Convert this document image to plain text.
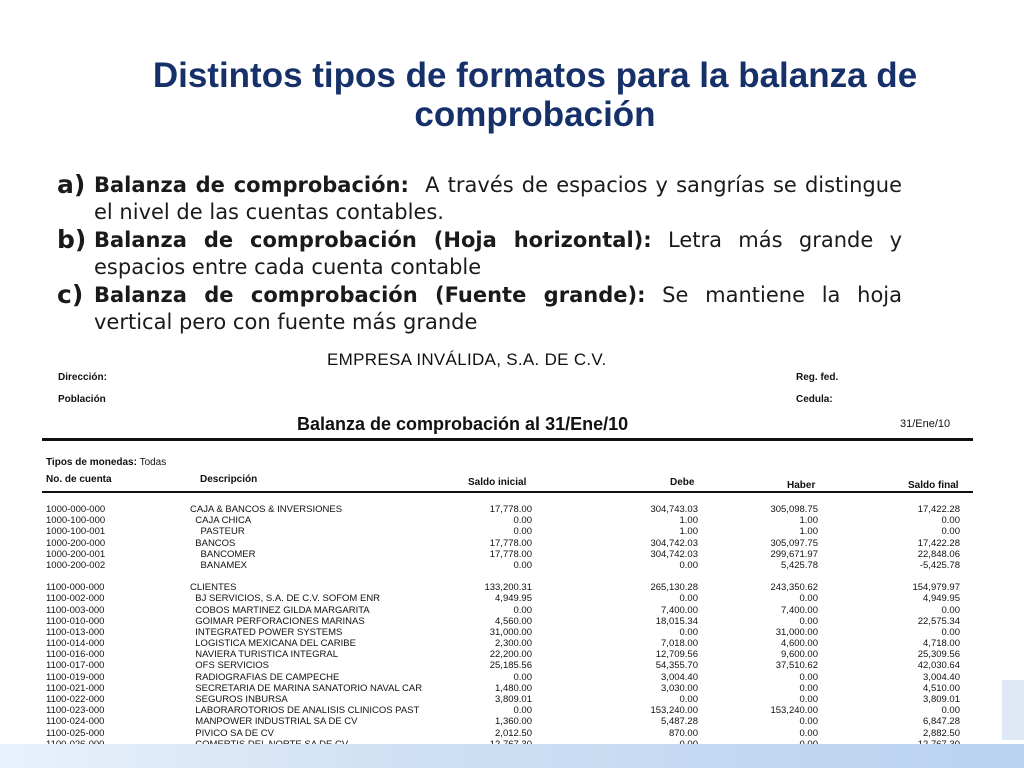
Distintos tipos de formatos para la balanza de comprobación
a) Balanza de comprobación:  A través de espacios y sangrías se distingue el nivel de las cuentas contables.
b) Balanza de comprobación (Hoja horizontal): Letra más grande y espacios entre cada cuenta contable
c) Balanza de comprobación (Fuente grande): Se mantiene la hoja vertical pero con fuente más grande
EMPRESA INVÁLIDA, S.A. DE C.V.
Dirección:
Población
Reg. fed.
Cedula:
Balanza de comprobación al 31/Ene/10	31/Ene/10
Tipos de monedas: Todas
No. de cuenta	Descripción	Saldo inicial	Debe	Haber	Saldo final
1000-000-000	CAJA & BANCOS & INVERSIONES	17,778.00	304,743.03	305,098.75	17,422.28
1000-100-000	CAJA CHICA	0.00	1.00	1.00	0.00
1000-100-001	PASTEUR	0.00	1.00	1.00	0.00
1000-200-000	BANCOS	17,778.00	304,742.03	305,097.75	17,422.28
1000-200-001	BANCOMER	17,778.00	304,742.03	299,671.97	22,848.06
1000-200-002	BANAMEX	0.00	0.00	5,425.78	-5,425.78
1100-000-000	CLIENTES	133,200.31	265,130.28	243,350.62	154,979.97
1100-002-000	BJ SERVICIOS, S.A. DE C.V. SOFOM ENR	4,949.95	0.00	0.00	4,949.95
1100-003-000	COBOS MARTINEZ GILDA MARGARITA	0.00	7,400.00	7,400.00	0.00
1100-010-000	GOIMAR PERFORACIONES MARINAS	4,560.00	18,015.34	0.00	22,575.34
1100-013-000	INTEGRATED POWER SYSTEMS	31,000.00	0.00	31,000.00	0.00
1100-014-000	LOGISTICA MEXICANA DEL CARIBE	2,300.00	7,018.00	4,600.00	4,718.00
1100-016-000	NAVIERA TURISTICA INTEGRAL	22,200.00	12,709.56	9,600.00	25,309.56
1100-017-000	OFS SERVICIOS	25,185.56	54,355.70	37,510.62	42,030.64
1100-019-000	RADIOGRAFIAS DE CAMPECHE	0.00	3,004.40	0.00	3,004.40
1100-021-000	SECRETARIA DE MARINA SANATORIO NAVAL CAR	1,480.00	3,030.00	0.00	4,510.00
1100-022-000	SEGUROS INBURSA	3,809.01	0.00	0.00	3,809.01
1100-023-000	LABORAROTORIOS DE ANALISIS CLINICOS PAST	0.00	153,240.00	153,240.00	0.00
1100-024-000	MANPOWER INDUSTRIAL SA DE CV	1,360.00	5,487.28	0.00	6,847.28
1100-025-000	PIVICO SA DE CV	2,012.50	870.00	0.00	2,882.50
